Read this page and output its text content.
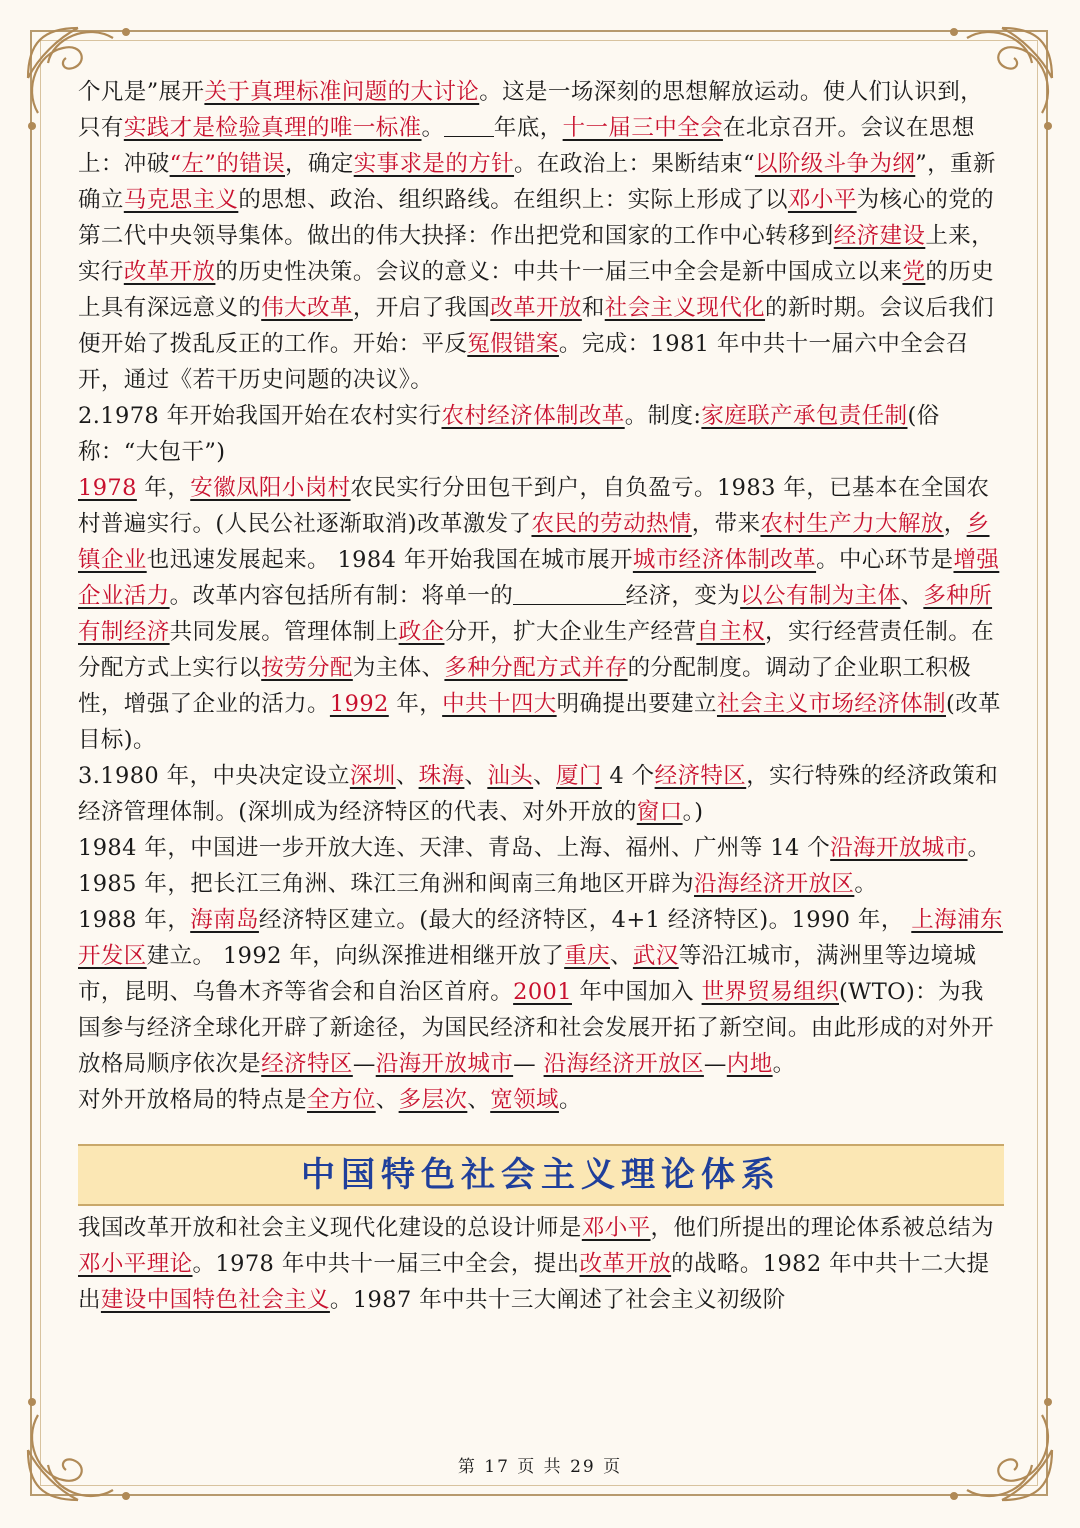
个凡是”展开关于真理标准问题的大讨论。这是一场深刻的思想解放运动。使人们认识到，只有实践才是检验真理的唯一标准。 年底，十一届三中全会在北京召开。会议在思想上：冲破“左”的错误，确定实事求是的方针。在政治上：果断结束“以阶级斗争为纲”，重新确立马克思主义的思想、政治、组织路线。在组织上：实际上形成了以邓小平为核心的党的第二代中央领导集体。做出的伟大抉择：作出把党和国家的工作中心转移到经济建设上来，实行改革开放的历史性决策。会议的意义：中共十一届三中全会是新中国成立以来党的历史上具有深远意义的伟大改革，开启了我国改革开放和社会主义现代化的新时期。会议后我们便开始了拨乱反正的工作。开始：平反冤假错案。完成：1981 年中共十一届六中全会召开，通过《若干历史问题的决议》。

2.1978 年开始我国开始在农村实行农村经济体制改革。制度:家庭联产承包责任制(俗称：“大包干”)

1978 年，安徽凤阳小岗村农民实行分田包干到户，自负盈亏。1983 年，已基本在全国农村普遍实行。(人民公社逐渐取消)改革激发了农民的劳动热情，带来农村生产力大解放，乡镇企业也迅速发展起来。 1984 年开始我国在城市展开城市经济体制改革。中心环节是增强企业活力。改革内容包括所有制：将单一的	经济，变为以公有制为主体、多种所有制经济共同发展。管理体制上政企分开，扩大企业生产经营自主权，实行经营责任制。在分配方式上实行以按劳分配为主体、多种分配方式并存的分配制度。调动了企业职工积极性，增强了企业的活力。1992 年，中共十四大明确提出要建立社会主义市场经济体制(改革目标)。

3.1980 年，中央决定设立深圳、珠海、汕头、厦门 4 个经济特区，实行特殊的经济政策和经济管理体制。(深圳成为经济特区的代表、对外开放的窗口。)

1984 年，中国进一步开放大连、天津、青岛、上海、福州、广州等 14 个沿海开放城市。

1985 年，把长江三角洲、珠江三角洲和闽南三角地区开辟为沿海经济开放区。

1988 年，海南岛经济特区建立。(最大的经济特区，4+1 经济特区)。1990 年， 上海浦东开发区建立。 1992 年，向纵深推进相继开放了重庆、武汉等沿江城市，满洲里等边境城市，昆明、乌鲁木齐等省会和自治区首府。2001 年中国加入 世界贸易组织(WTO)：为我国参与经济全球化开辟了新途径，为国民经济和社会发展开拓了新空间。由此形成的对外开放格局顺序依次是经济特区—沿海开放城市— 沿海经济开放区—内地。

对外开放格局的特点是全方位、多层次、宽领域。

中国特色社会主义理论体系

我国改革开放和社会主义现代化建设的总设计师是邓小平，他们所提出的理论体系被总结为邓小平理论。1978 年中共十一届三中全会，提出改革开放的战略。1982 年中共十二大提出建设中国特色社会主义。1987 年中共十三大阐述了社会主义初级阶

第 17 页 共 29 页
